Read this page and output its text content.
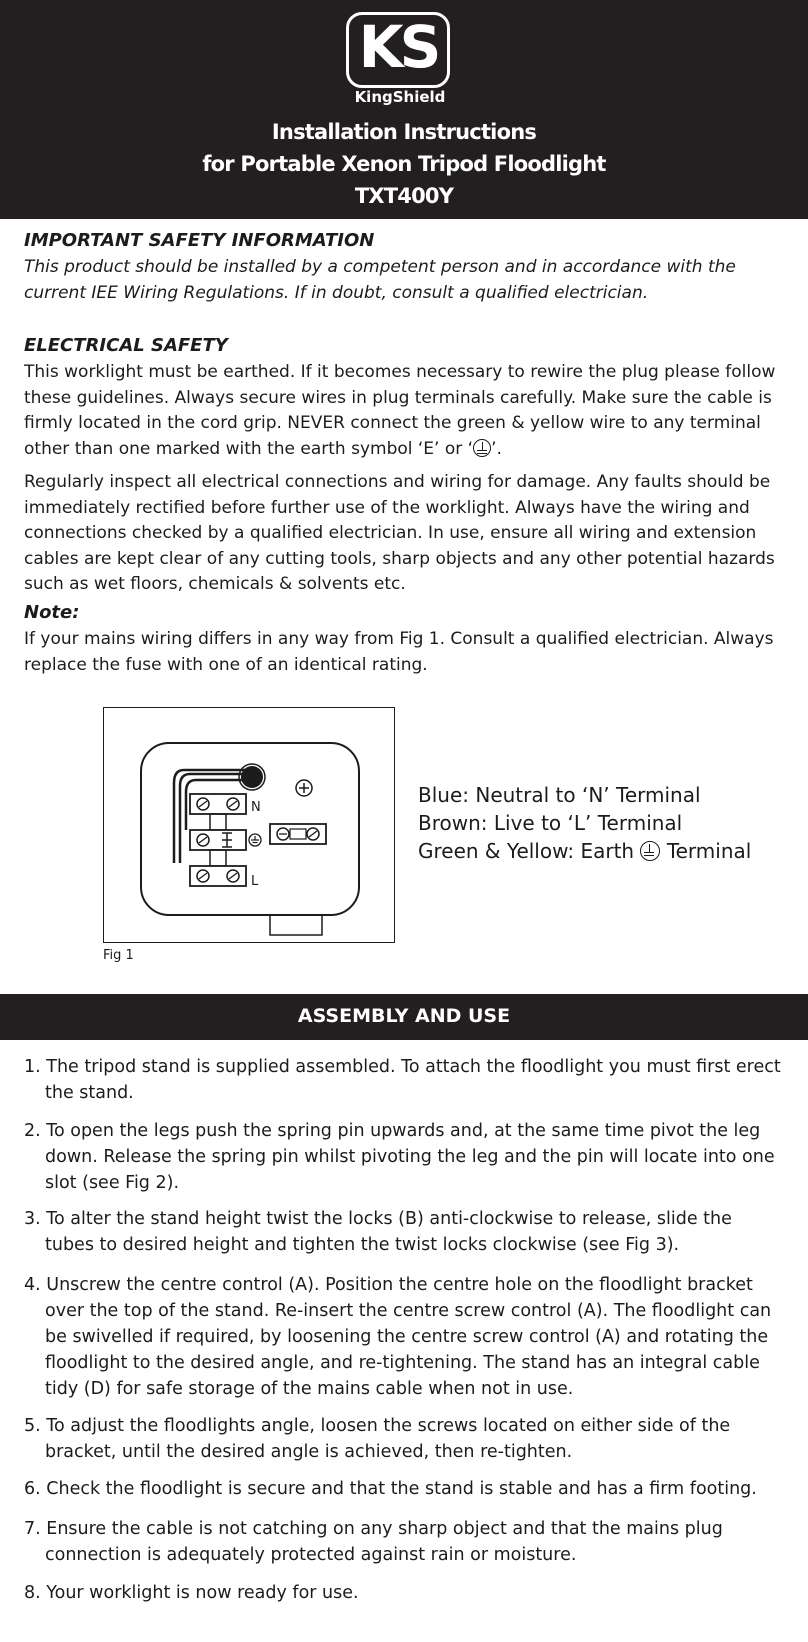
KS
KingShield
Installation Instructions
for Portable Xenon Tripod Floodlight
TXT400Y
IMPORTANT SAFETY INFORMATION
This product should be installed by a competent person and in accordance with the current IEE Wiring Regulations. If in doubt, consult a qualified electrician.
ELECTRICAL SAFETY
This worklight must be earthed. If it becomes necessary to rewire the plug please follow these guidelines. Always secure wires in plug terminals carefully. Make sure the cable is firmly located in the cord grip. NEVER connect the green & yellow wire to any terminal other than one marked with the earth symbol ‘E’ or ‘ ’.
Regularly inspect all electrical connections and wiring for damage. Any faults should be immediately rectified before further use of the worklight. Always have the wiring and connections checked by a qualified electrician. In use, ensure all wiring and extension cables are kept clear of any cutting tools, sharp objects and any other potential hazards such as wet floors, chemicals & solvents etc.
Note:
If your mains wiring differs in any way from Fig 1. Consult a qualified electrician. Always replace the fuse with one of an identical rating.
N
L
Fig 1
Blue: Neutral to ‘N’ Terminal
Brown: Live to ‘L’ Terminal
Green & Yellow: Earth Terminal
ASSEMBLY AND USE
1. The tripod stand is supplied assembled. To attach the floodlight you must first erect the stand.
2. To open the legs push the spring pin upwards and, at the same time pivot the leg down. Release the spring pin whilst pivoting the leg and the pin will locate into one slot (see Fig 2).
3. To alter the stand height twist the locks (B) anti-clockwise to release, slide the tubes to desired height and tighten the twist locks clockwise (see Fig 3).
4. Unscrew the centre control (A). Position the centre hole on the floodlight bracket over the top of the stand. Re-insert the centre screw control (A). The floodlight can be swivelled if required, by loosening the centre screw control (A) and rotating the floodlight to the desired angle, and re-tightening. The stand has an integral cable tidy (D) for safe storage of the mains cable when not in use.
5. To adjust the floodlights angle, loosen the screws located on either side of the bracket, until the desired angle is achieved, then re-tighten.
6. Check the floodlight is secure and that the stand is stable and has a firm footing.
7. Ensure the cable is not catching on any sharp object and that the mains plug connection is adequately protected against rain or moisture.
8. Your worklight is now ready for use.
